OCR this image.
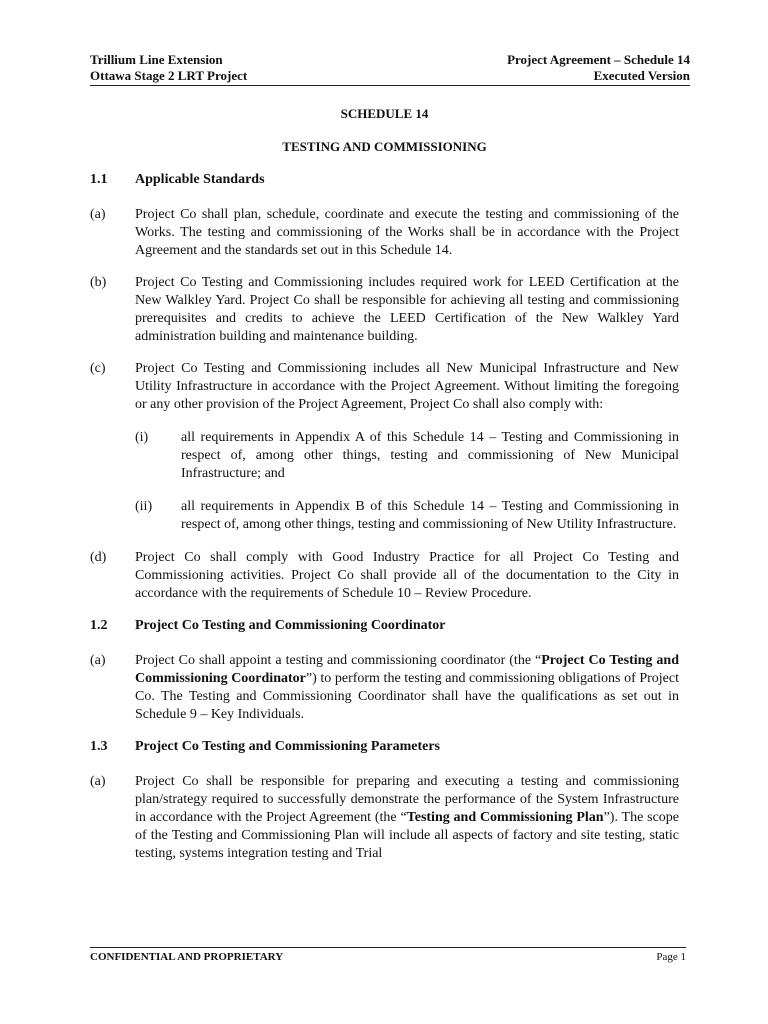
Trillium Line Extension
Ottawa Stage 2 LRT Project
Project Agreement – Schedule 14
Executed Version
SCHEDULE 14
TESTING AND COMMISSIONING
1.1 Applicable Standards
(a) Project Co shall plan, schedule, coordinate and execute the testing and commissioning of the Works. The testing and commissioning of the Works shall be in accordance with the Project Agreement and the standards set out in this Schedule 14.
(b) Project Co Testing and Commissioning includes required work for LEED Certification at the New Walkley Yard. Project Co shall be responsible for achieving all testing and commissioning prerequisites and credits to achieve the LEED Certification of the New Walkley Yard administration building and maintenance building.
(c) Project Co Testing and Commissioning includes all New Municipal Infrastructure and New Utility Infrastructure in accordance with the Project Agreement. Without limiting the foregoing or any other provision of the Project Agreement, Project Co shall also comply with:
(i) all requirements in Appendix A of this Schedule 14 – Testing and Commissioning in respect of, among other things, testing and commissioning of New Municipal Infrastructure; and
(ii) all requirements in Appendix B of this Schedule 14 – Testing and Commissioning in respect of, among other things, testing and commissioning of New Utility Infrastructure.
(d) Project Co shall comply with Good Industry Practice for all Project Co Testing and Commissioning activities. Project Co shall provide all of the documentation to the City in accordance with the requirements of Schedule 10 – Review Procedure.
1.2 Project Co Testing and Commissioning Coordinator
(a) Project Co shall appoint a testing and commissioning coordinator (the “Project Co Testing and Commissioning Coordinator”) to perform the testing and commissioning obligations of Project Co. The Testing and Commissioning Coordinator shall have the qualifications as set out in Schedule 9 – Key Individuals.
1.3 Project Co Testing and Commissioning Parameters
(a) Project Co shall be responsible for preparing and executing a testing and commissioning plan/strategy required to successfully demonstrate the performance of the System Infrastructure in accordance with the Project Agreement (the “Testing and Commissioning Plan”). The scope of the Testing and Commissioning Plan will include all aspects of factory and site testing, static testing, systems integration testing and Trial
CONFIDENTIAL AND PROPRIETARY	Page 1
